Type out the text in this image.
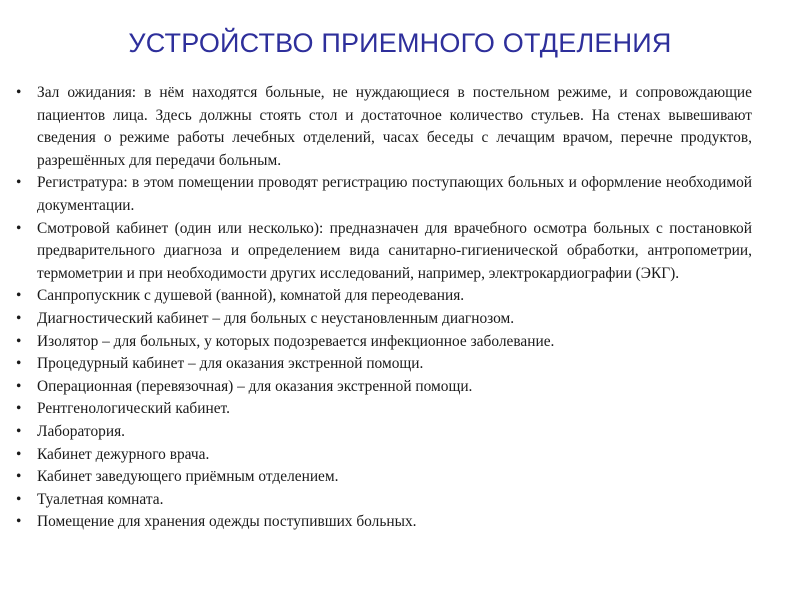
УСТРОЙСТВО ПРИЕМНОГО ОТДЕЛЕНИЯ
• Зал ожидания: в нём находятся больные, не нуждающиеся в постельном режиме, и сопровождающие пациентов лица. Здесь должны стоять стол и достаточное количество стульев. На стенах вывешивают сведения о режиме работы лечебных отделений, часах беседы с лечащим врачом, перечне продуктов, разрешённых для передачи больным.
• Регистратура: в этом помещении проводят регистрацию поступающих больных и оформление необходимой документации.
• Смотровой кабинет (один или несколько): предназначен для врачебного осмотра больных с постановкой предварительного диагноза и определением вида санитарно-гигиенической обработки, антропометрии, термометрии и при необходимости других исследований, например, электрокардиографии (ЭКГ).
• Санпропускник с душевой (ванной), комнатой для переодевания.
• Диагностический кабинет – для больных с неустановленным диагнозом.
• Изолятор – для больных, у которых подозревается инфекционное заболевание.
• Процедурный кабинет – для оказания экстренной помощи.
• Операционная (перевязочная) – для оказания экстренной помощи.
• Рентгенологический кабинет.
• Лаборатория.
• Кабинет дежурного врача.
• Кабинет заведующего приёмным отделением.
• Туалетная комната.
• Помещение для хранения одежды поступивших больных.
